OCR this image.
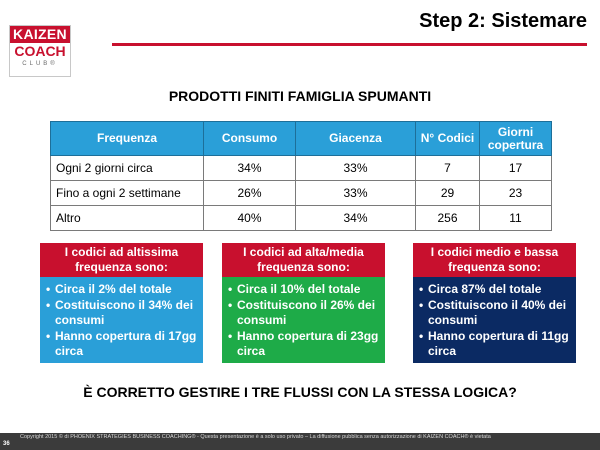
KAIZEN
COACH
CLUB®
Step 2: Sistemare
PRODOTTI FINITI FAMIGLIA SPUMANTI
Frequenza	Consumo	Giacenza	N° Codici	Giorni copertura
Ogni 2 giorni circa	34%	33%	7	17
Fino a ogni 2 settimane	26%	33%	29	23
Altro	40%	34%	256	11
I codici ad altissima frequenza sono:
• Circa il 2% del totale
• Costituiscono il 34% dei consumi
• Hanno copertura di 17gg circa
I codici ad alta/media frequenza sono:
• Circa il 10% del totale
• Costituiscono il 26% dei consumi
• Hanno copertura di 23gg circa
I codici medio e bassa frequenza sono:
• Circa 87% del totale
• Costituiscono il 40% dei consumi
• Hanno copertura di 11gg circa
È CORRETTO GESTIRE I TRE FLUSSI CON LA STESSA LOGICA?
Copyright 2015 © di PHOENIX STRATEGIES BUSINESS COACHING® - Questa presentazione è a solo uso privato – La diffusione pubblica senza autorizzazione di KAIZEN COACH® è vietata
36
